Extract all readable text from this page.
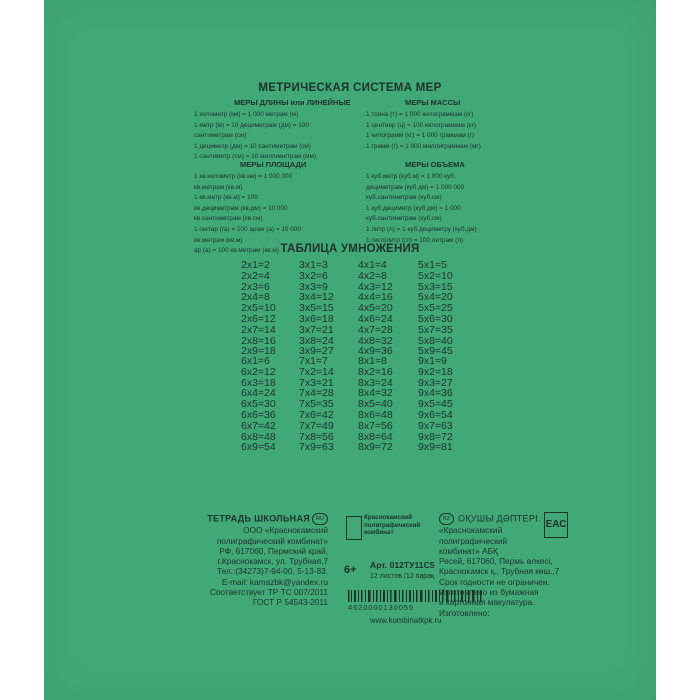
МЕТРИЧЕСКАЯ СИСТЕМА МЕР
МЕРЫ ДЛИНЫ или ЛИНЕЙНЫЕ
1 километр (км) = 1 000 метрам (м)
1 метр (м) = 10 дециметрам (дм) = 100
сантиметрам (см)
1 дециметр (дм) = 10 сантиметрам (см)
1 сантиметр (см) = 10 миллиметрам (мм)
МЕРЫ МАССЫ
1 тонна (т) = 1 000 килограммам (кг)
1 центнер (ц) = 100 килограммам (кг)
1 килограмм (кг) = 1 000 граммам (г)
1 грамм (г) = 1 000 миллиграммам (мг)
МЕРЫ ПЛОЩАДИ
1 кв.километр (кв.км) = 1 000 000
кв.метрам (кв.м)
1 кв.метр (кв.м) = 100
кв.дециметрам (кв.дм) = 10 000
кв.сантиметрам (кв.см)
1 гектар (га) = 100 арам (а) = 10 000
кв.метрам (кв.м)
ар (а) = 100 кв.метрам (кв.м)
МЕРЫ ОБЪЕМА
1 куб.метр (куб.м) = 1 000 куб.
дециметрам (куб.дм) = 1 000 000
куб.сантиметрам (куб.см)
1 куб.дециметр (куб.дм) = 1 000
куб.сантиметрам (куб.см)
1 литр (л) = 1 куб.дециметру (куб.дм)
1 гектолитр (гл) = 100 литрам (л)
ТАБЛИЦА УМНОЖЕНИЯ
2x1=2
2x2=4
2x3=6
2x4=8
2x5=10
2x6=12
2x7=14
2x8=16
2x9=18
3x1=3
3x2=6
3x3=9
3x4=12
3x5=15
3x6=18
3x7=21
3x8=24
3x9=27
4x1=4
4x2=8
4x3=12
4x4=16
4x5=20
4x6=24
4x7=28
4x8=32
4x9=36
5x1=5
5x2=10
5x3=15
5x4=20
5x5=25
5x6=30
5x7=35
5x8=40
5x9=45
6x1=6
6x2=12
6x3=18
6x4=24
6x5=30
6x6=36
6x7=42
6x8=48
6x9=54
7x1=7
7x2=14
7x3=21
7x4=28
7x5=35
7x6=42
7x7=49
7x8=56
7x9=63
8x1=8
8x2=16
8x3=24
8x4=32
8x5=40
8x6=48
8x7=56
8x8=64
8x9=72
9x1=9
9x2=18
9x3=27
9x4=36
9x5=45
9x6=54
9x7=63
9x8=72
9x9=81
ТЕТРАДЬ ШКОЛЬНАЯ RU
ООО «Краснокамский
полиграфический комбинат»
РФ, 617060, Пермский край,
г.Краснокамск, ул. Трубная,7
Тел.:(34273)7-94-00, 5-13-83.
E-mail: kamazbk@yandex.ru
Соответствует ТР ТС 007/2011
ГОСТ Р 54543-2011
Краснокамский
полиграфический
комбинат
6+ Арт. 012ТУ11С5
12 листов /12 парақ
4620000130055
www.kombinatkpk.ru
KZ ОҚУШЫ ДӘПТЕРІ.
«Краснокамский
полиграфический
комбинат» АБҚ
Ресей, 617060, Пермь өлкесі,
Краснокамск қ., Трубная көш.,7
Срок годности не ограничен.
Изготовлено из бумажная
и картонная макулатура.
Изготовлено:
ЕАС
